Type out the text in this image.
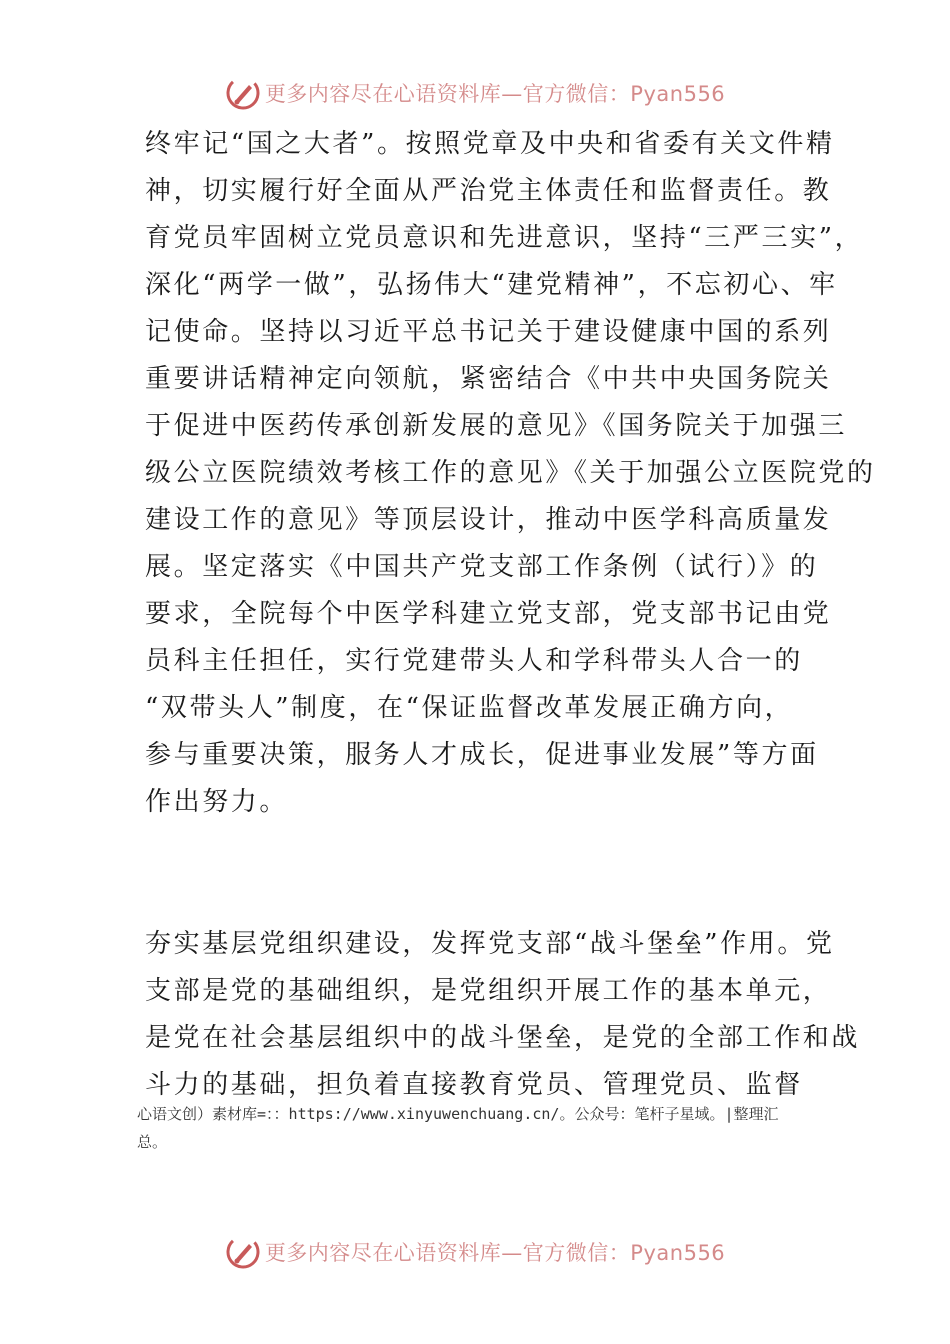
更多内容尽在心语资料库—官方微信：Pyan556
终牢记“国之大者”。按照党章及中央和省委有关文件精
神，切实履行好全面从严治党主体责任和监督责任。教
育党员牢固树立党员意识和先进意识，坚持“三严三实”，
深化“两学一做”，弘扬伟大“建党精神”，不忘初心、牢
记使命。坚持以习近平总书记关于建设健康中国的系列
重要讲话精神定向领航，紧密结合《中共中央国务院关
于促进中医药传承创新发展的意见》《国务院关于加强三
级公立医院绩效考核工作的意见》《关于加强公立医院党的
建设工作的意见》等顶层设计，推动中医学科高质量发
展。坚定落实《中国共产党支部工作条例（试行）》的
要求，全院每个中医学科建立党支部，党支部书记由党
员科主任担任，实行党建带头人和学科带头人合一的
“双带头人”制度，在“保证监督改革发展正确方向，
参与重要决策，服务人才成长，促进事业发展”等方面
作出努力。
夯实基层党组织建设，发挥党支部“战斗堡垒”作用。党
支部是党的基础组织，是党组织开展工作的基本单元，
是党在社会基层组织中的战斗堡垒，是党的全部工作和战
斗力的基础，担负着直接教育党员、管理党员、监督
心语文创）素材库=：：https://www.xinyuwenchuang.cn/。公众号：笔杆子星域。|整理汇
总。
更多内容尽在心语资料库—官方微信：Pyan556
